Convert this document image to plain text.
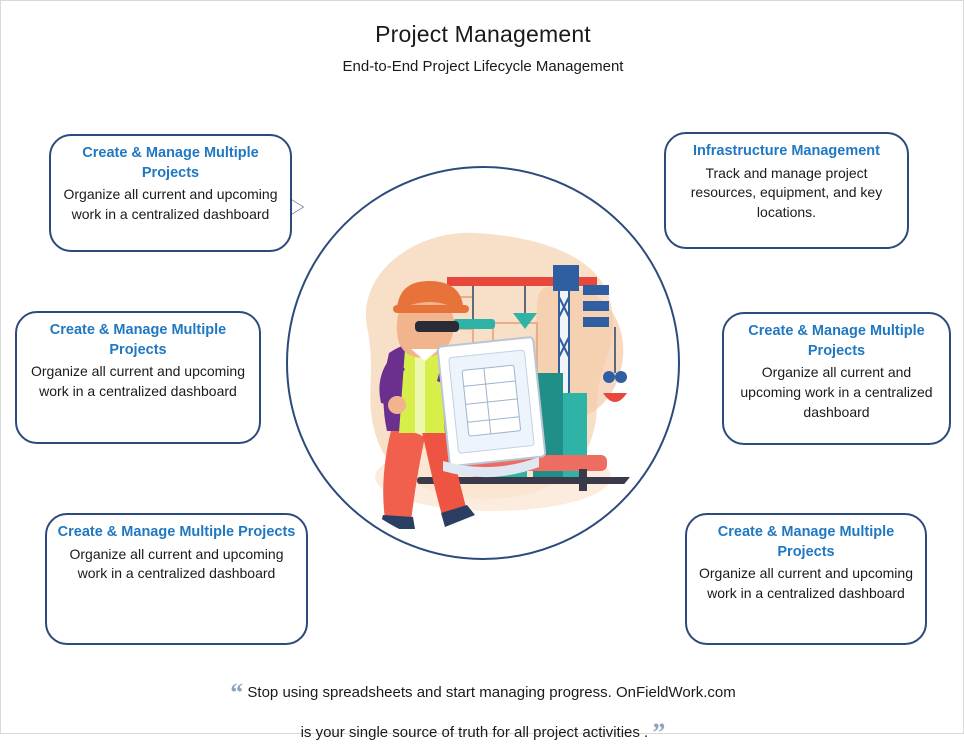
Project Management
End-to-End Project Lifecycle Management
Create & Manage Multiple Projects
Organize all current and upcoming work in a centralized dashboard
Infrastructure Management
Track and manage project resources, equipment, and key locations.
Create & Manage Multiple Projects
Organize all current and upcoming work in a centralized dashboard
Create & Manage Multiple Projects
Organize all current and upcoming work in a centralized dashboard
Create & Manage Multiple Projects
Organize all current and upcoming work in a centralized dashboard
Create & Manage Multiple Projects
Organize all current and upcoming work in a centralized dashboard
“ Stop using spreadsheets and start managing progress. OnFieldWork.com
is your single source of truth for all project activities . ”
